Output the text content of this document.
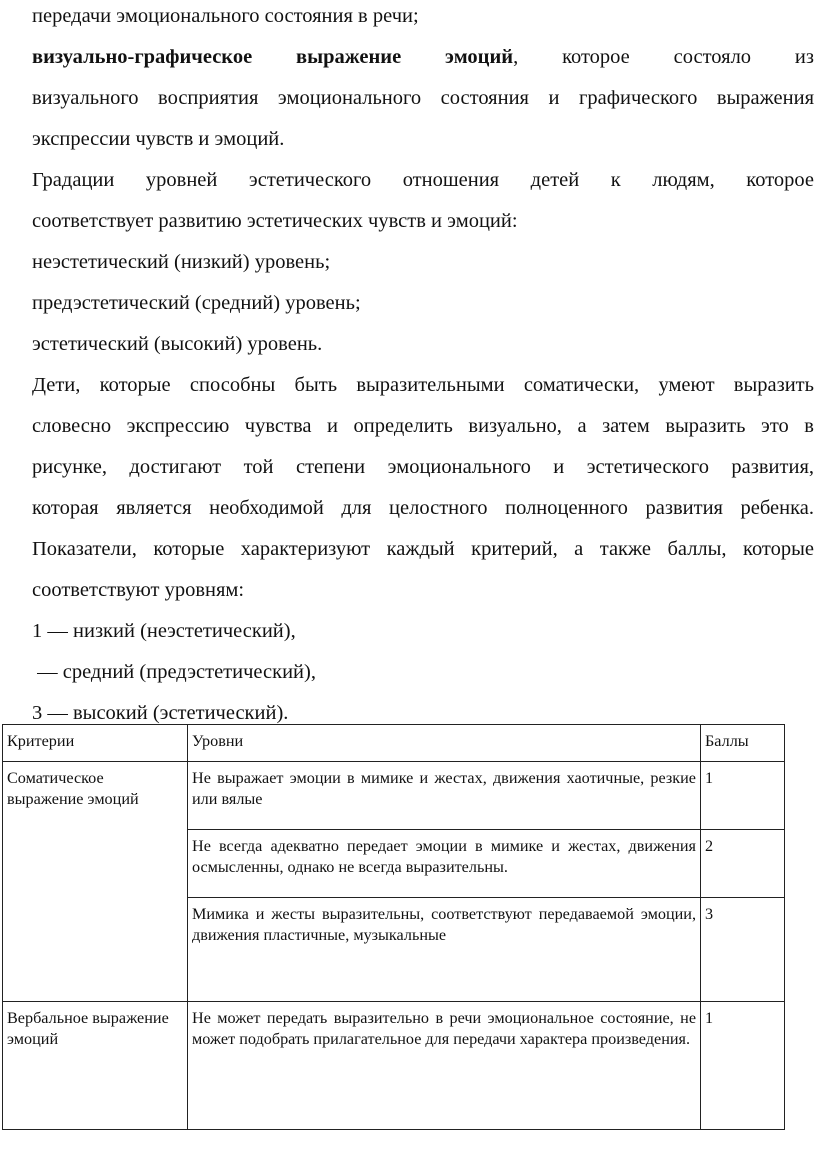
передачи эмоционального состояния в речи;

визуально-графическое выражение эмоций, которое состояло из

визуального восприятия эмоционального состояния и графического выражения

экспрессии чувств и эмоций.

Градации уровней эстетического отношения детей к людям, которое

соответствует развитию эстетических чувств и эмоций:

неэстетический (низкий) уровень;

предэстетический (средний) уровень;

эстетический (высокий) уровень.

Дети, которые способны быть выразительными соматически, умеют выразить

словесно экспрессию чувства и определить визуально, а затем выразить это в

рисунке, достигают той степени эмоционального и эстетического развития,

которая является необходимой для целостного полноценного развития ребенка.

Показатели, которые характеризуют каждый критерий, а также баллы, которые

соответствуют уровням:

1 — низкий (неэстетический),

— средний (предэстетический),

3 — высокий (эстетический).

Критерии	Уровни	Баллы
Соматическое выражение эмоций	Не выражает эмоции в мимике и жестах, движения хаотичные, резкие или вялые	1
	Не всегда адекватно передает эмоции в мимике и жестах, движения осмысленны, однако не всегда выразительны.	2
	Мимика и жесты выразительны, соответствуют передаваемой эмоции, движения пластичные, музыкальные	3
Вербальное выражение эмоций	Не может передать выразительно в речи эмоциональное состояние, не может подобрать прилагательное для передачи характера произведения.	1
